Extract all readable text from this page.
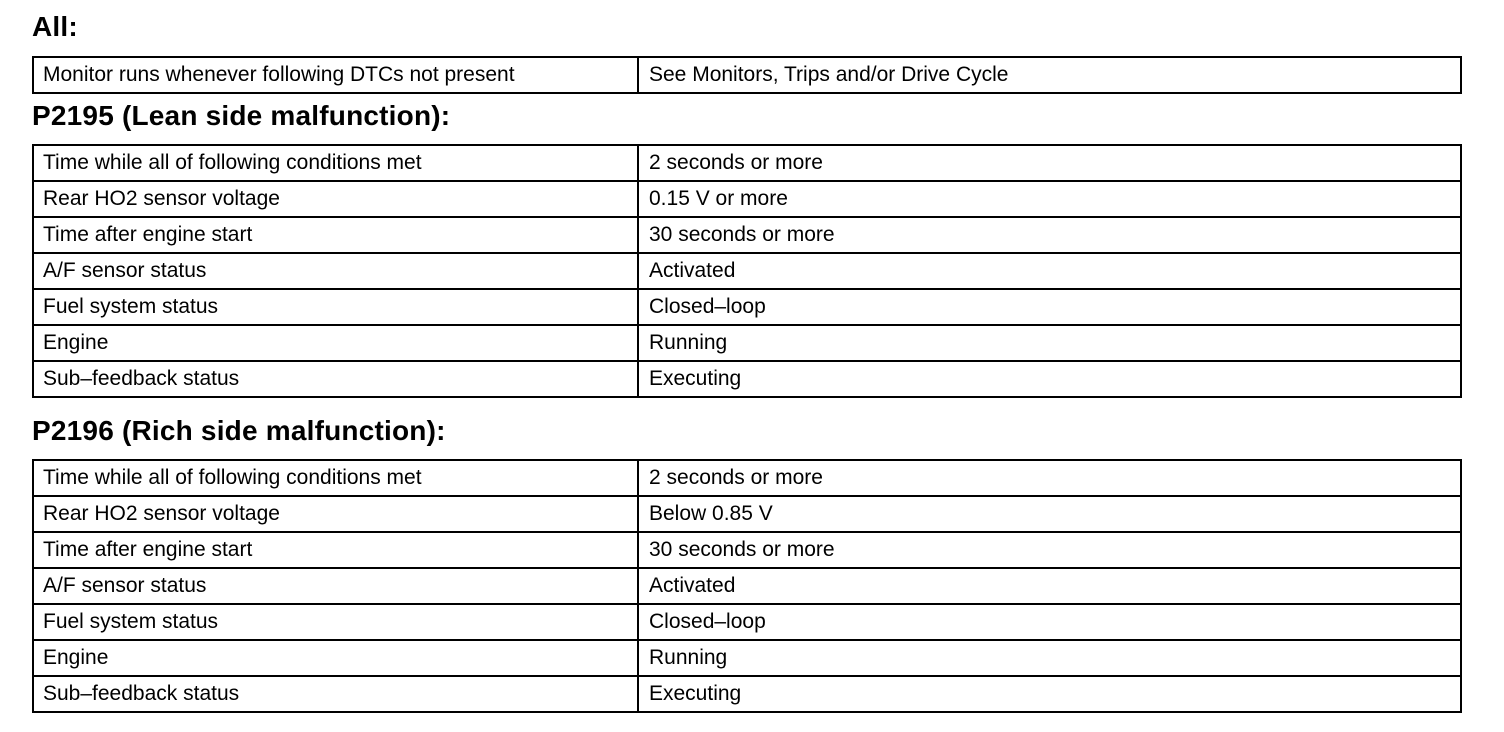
All:
Monitor runs whenever following DTCs not present	See Monitors, Trips and/or Drive Cycle
P2195 (Lean side malfunction):
Time while all of following conditions met	2 seconds or more
Rear HO2 sensor voltage	0.15 V or more
Time after engine start	30 seconds or more
A/F sensor status	Activated
Fuel system status	Closed–loop
Engine	Running
Sub–feedback status	Executing
P2196 (Rich side malfunction):
Time while all of following conditions met	2 seconds or more
Rear HO2 sensor voltage	Below 0.85 V
Time after engine start	30 seconds or more
A/F sensor status	Activated
Fuel system status	Closed–loop
Engine	Running
Sub–feedback status	Executing
